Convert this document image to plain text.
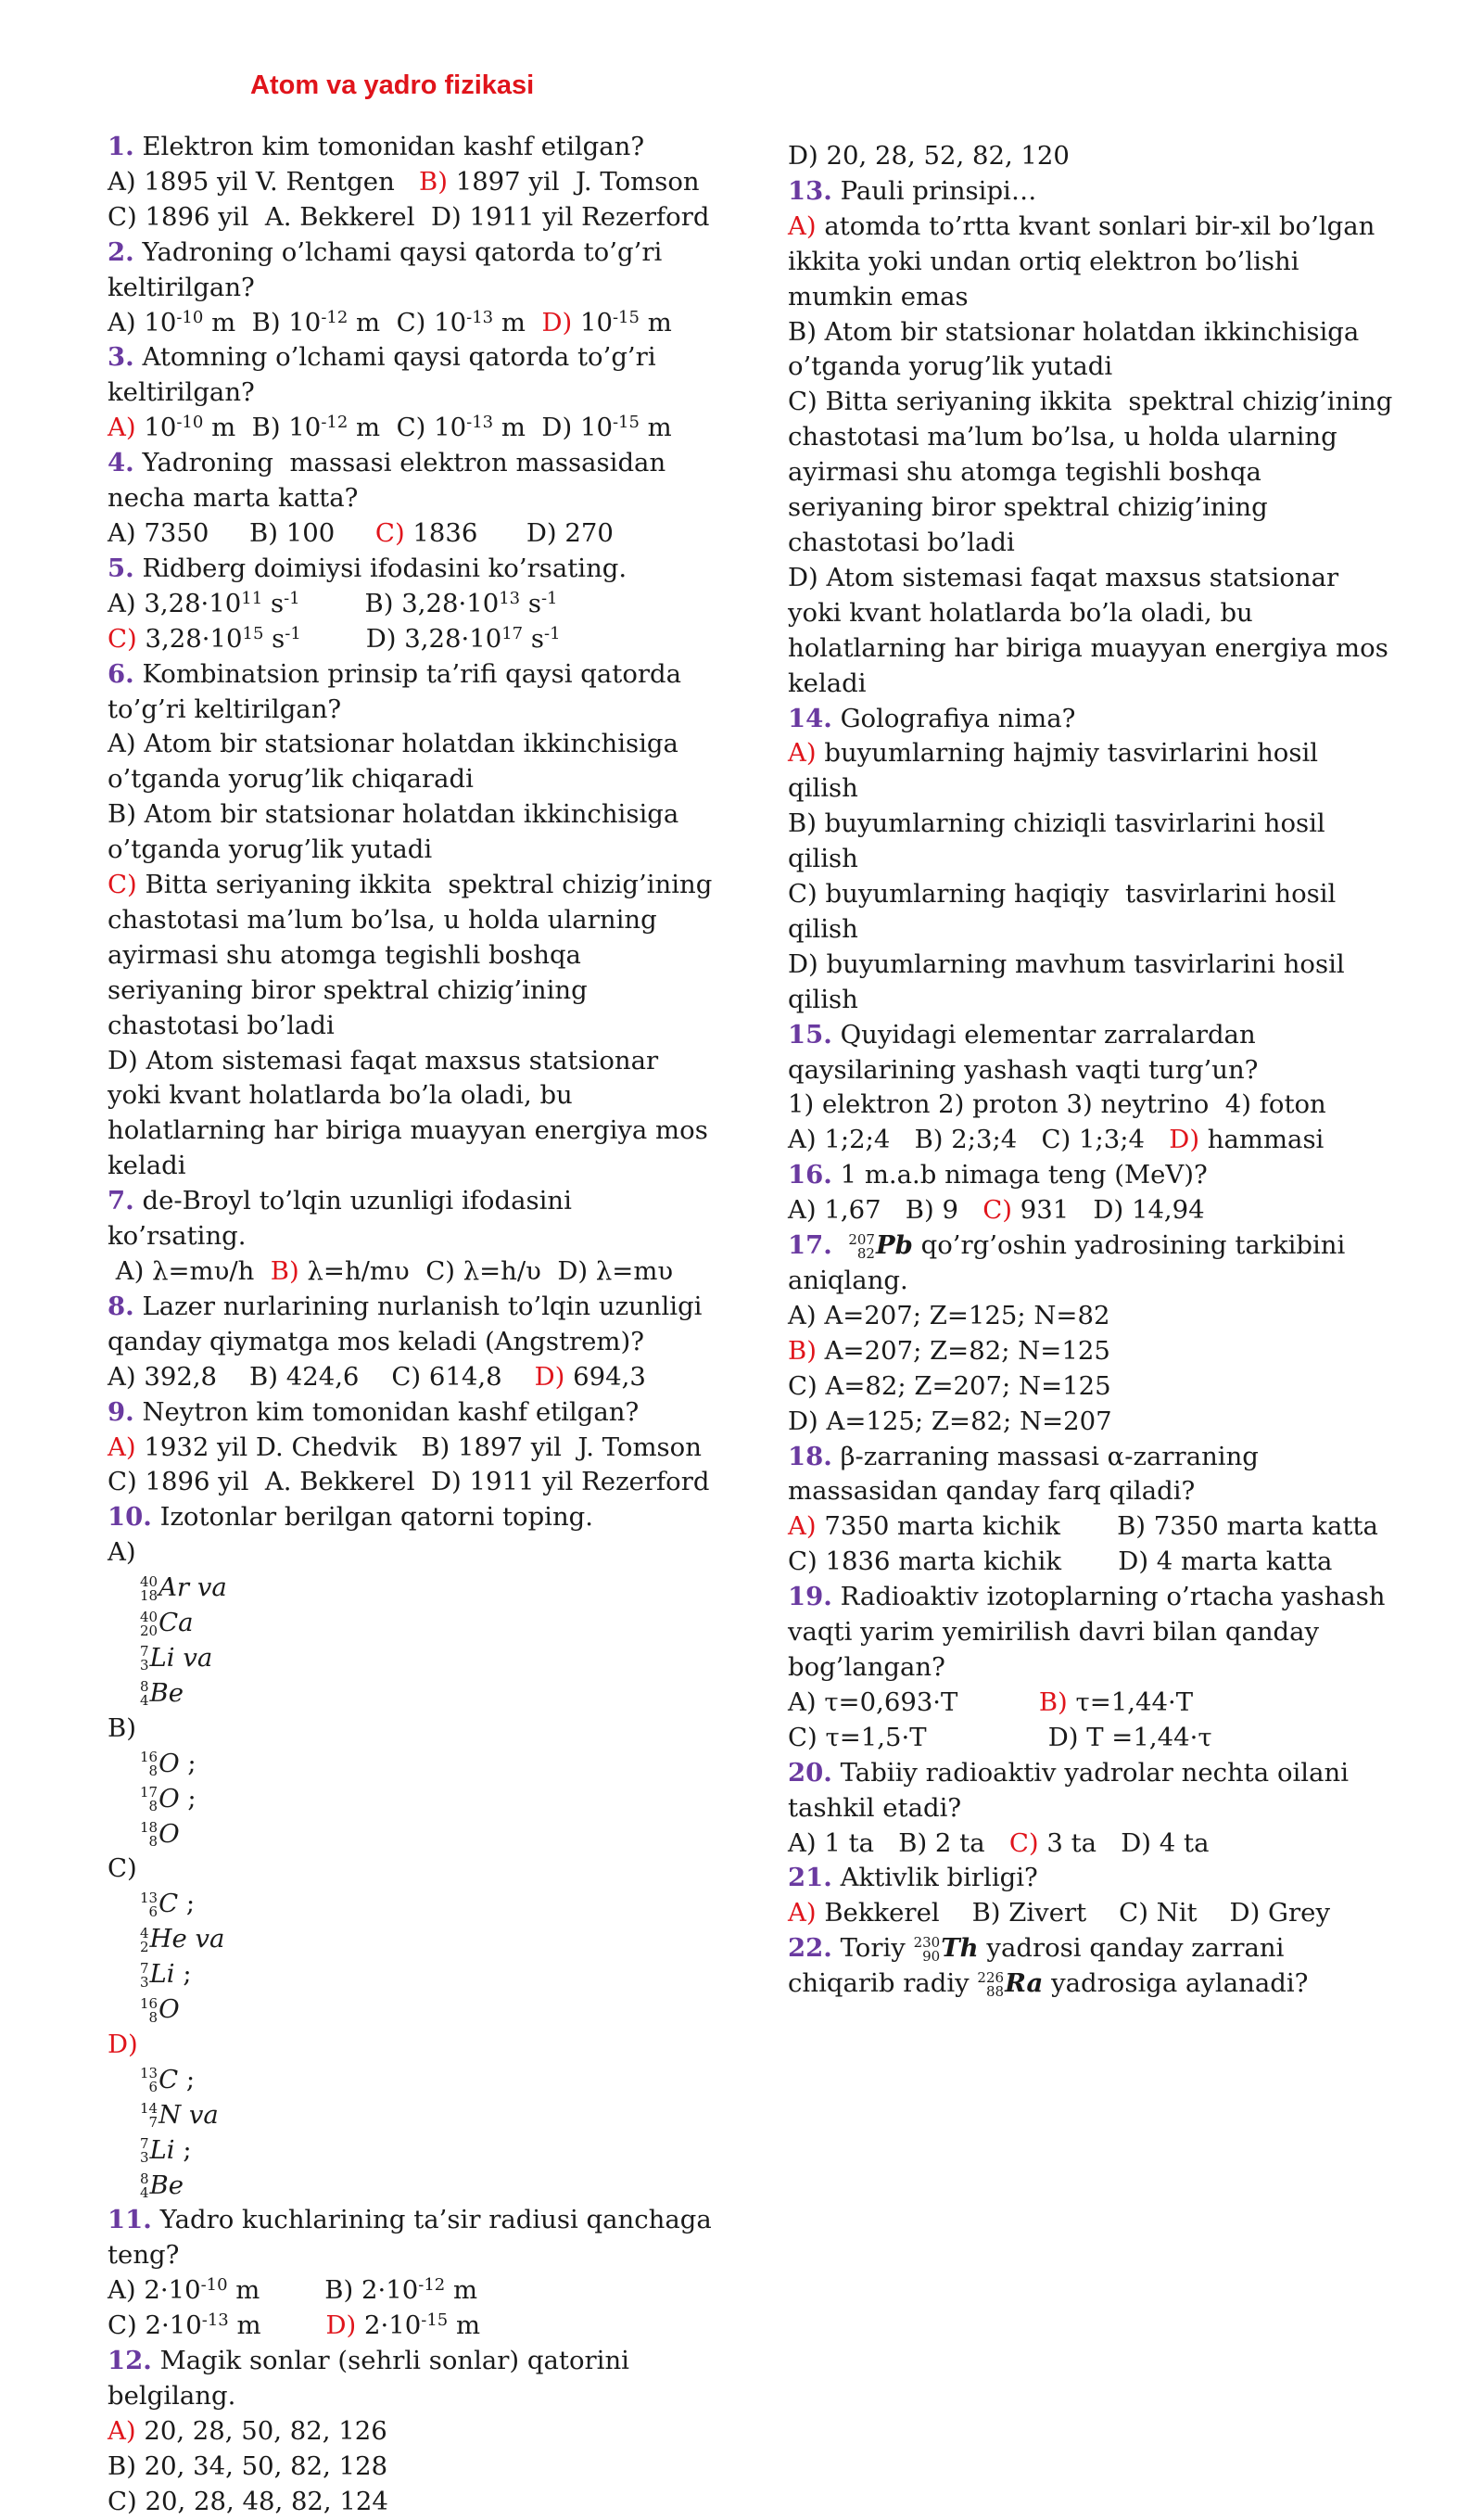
Atom va yadro fizikasi
1. Elektron kim tomonidan kashf etilgan?
A) 1895 yil V. Rentgen   B) 1897 yil  J. Tomson
C) 1896 yil  A. Bekkerel  D) 1911 yil Rezerford
2. Yadroning o’lchami qaysi qatorda to’g’ri
keltirilgan?
A) $10^{-10}$ m  B) $10^{-12}$ m  C) $10^{-13}$ m  D) $10^{-15}$ m
3. Atomning o’lchami qaysi qatorda to’g’ri
keltirilgan?
A) $10^{-10}$ m  B) $10^{-12}$ m  C) $10^{-13}$ m  D) $10^{-15}$ m
4. Yadroning  massasi elektron massasidan
necha marta katta?
A) 7350     B) 100     C) 1836      D) 270
5. Ridberg doimiysi ifodasini ko’rsating.
A) $3,28\cdot 10^{11}$ $s^{-1}$        B) $3,28\cdot 10^{13}$ $s^{-1}$
C) $3,28\cdot 10^{15}$ $s^{-1}$        D) $3,28\cdot 10^{17}$ $s^{-1}$
6. Kombinatsion prinsip ta’rifi qaysi qatorda
to’g’ri keltirilgan?
A) Atom bir statsionar holatdan ikkinchisiga
o’tganda yorug’lik chiqaradi
B) Atom bir statsionar holatdan ikkinchisiga
o’tganda yorug’lik yutadi
C) Bitta seriyaning ikkita  spektral chizig’ining
chastotasi ma’lum bo’lsa, u holda ularning
ayirmasi shu atomga tegishli boshqa
seriyaning biror spektral chizig’ining
chastotasi bo’ladi
D) Atom sistemasi faqat maxsus statsionar
yoki kvant holatlarda bo’la oladi, bu
holatlarning har biriga muayyan energiya mos
keladi
7. de-Broyl to’lqin uzunligi ifodasini
ko’rsating.
A) λ=mυ/h  B) λ=h/mυ  C) λ=h/υ  D) λ=mυ
8. Lazer nurlarining nurlanish to’lqin uzunligi
qanday qiymatga mos keladi (Angstrem)?
A) 392,8    B) 424,6    C) 614,8    D) 694,3
9. Neytron kim tomonidan kashf etilgan?
A) 1932 yil D. Chedvik   B) 1897 yil  J. Tomson
C) 1896 yil  A. Bekkerel  D) 1911 yil Rezerford
10. Izotonlar berilgan qatorni toping.
A)

40
18 Ar va

40
20 Ca

7
3 Li va

8
4 Be
B)

16
8 O ;

17
8 O ;

18
8 O
C)

13
6 C ;

4
2 He va

7
3 Li ;

16
8 O
D)

13
6 C ;

14
7 N va

7
3 Li ;

8
4 Be
11. Yadro kuchlarining ta’sir radiusi qanchaga
teng?
A) $2\cdot 10^{-10}$ m        B) $2\cdot 10^{-12}$ m
C) $2\cdot 10^{-13}$ m        D) $2\cdot 10^{-15}$ m
12. Magik sonlar (sehrli sonlar) qatorini
belgilang.
A) 20, 28, 50, 82, 126
B) 20, 34, 50, 82, 128
C) 20, 28, 48, 82, 124
D) 20, 28, 52, 82, 120
13. Pauli prinsipi…
A) atomda to’rtta kvant sonlari bir-xil bo’lgan
ikkita yoki undan ortiq elektron bo’lishi
mumkin emas
B) Atom bir statsionar holatdan ikkinchisiga
o’tganda yorug’lik yutadi
C) Bitta seriyaning ikkita  spektral chizig’ining
chastotasi ma’lum bo’lsa, u holda ularning
ayirmasi shu atomga tegishli boshqa
seriyaning biror spektral chizig’ining
chastotasi bo’ladi
D) Atom sistemasi faqat maxsus statsionar
yoki kvant holatlarda bo’la oladi, bu
holatlarning har biriga muayyan energiya mos
keladi
14. Golografiya nima?
A) buyumlarning hajmiy tasvirlarini hosil
qilish
B) buyumlarning chiziqli tasvirlarini hosil
qilish
C) buyumlarning haqiqiy  tasvirlarini hosil
qilish
D) buyumlarning mavhum tasvirlarini hosil
qilish
15. Quyidagi elementar zarralardan
qaysilarining yashash vaqti turg’un?
1) elektron 2) proton 3) neytrino  4) foton
A) 1;2;4   B) 2;3;4   C) 1;3;4   D) hammasi
16. 1 m.a.b nimaga teng (MeV)?
A) 1,67   B) 9   C) 931   D) 14,94
17. 207
82 Pb qo’rg’oshin yadrosining tarkibini
aniqlang.
A) A=207; Z=125; N=82
B) A=207; Z=82; N=125
C) A=82; Z=207; N=125
D) A=125; Z=82; N=207
18. β-zarraning massasi α-zarraning
massasidan qanday farq qiladi?
A) 7350 marta kichik       B) 7350 marta katta
C) 1836 marta kichik       D) 4 marta katta
19. Radioaktiv izotoplarning o’rtacha yashash
vaqti yarim yemirilish davri bilan qanday
bog’langan?
A) τ=0,693·T          B) τ=1,44·T
C) τ=1,5·T               D) T =1,44·τ
20. Tabiiy radioaktiv yadrolar nechta oilani
tashkil etadi?
A) 1 ta   B) 2 ta   C) 3 ta   D) 4 ta
21. Aktivlik birligi?
A) Bekkerel    B) Zivert    C) Nit    D) Grey
22. Toriy 230
90 Th yadrosi qanday zarrani
chiqarib radiy 226
88 Ra yadrosiga aylanadi?
